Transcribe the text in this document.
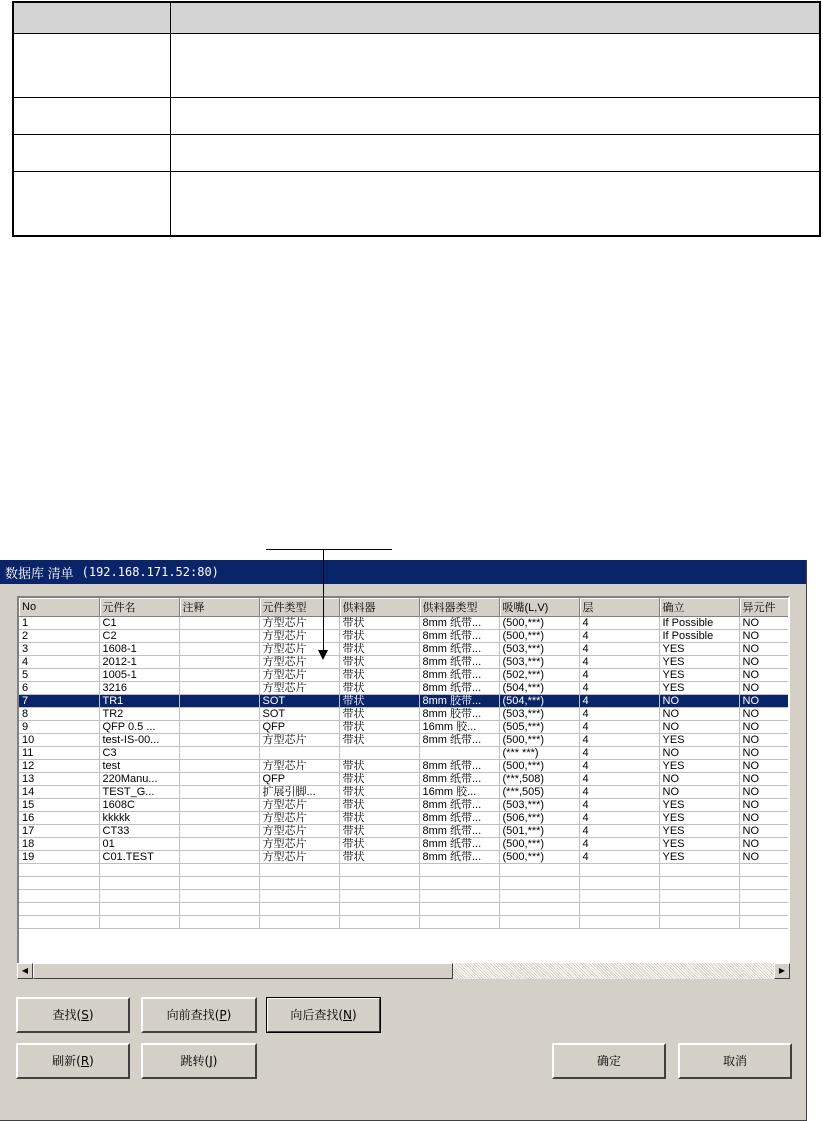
数据库 清单 (192.168.171.52:80)
No	元件名	注释	元件类型	供料器	供料器类型	吸嘴(L,V)	层	确立	异元件
1	C1		方型芯片	带状	8mm 纸带...	(500,***)	4	If Possible	NO
2	C2		方型芯片	带状	8mm 纸带...	(500,***)	4	If Possible	NO
3	1608-1		方型芯片	带状	8mm 纸带...	(503,***)	4	YES	NO
4	2012-1		方型芯片	带状	8mm 纸带...	(503,***)	4	YES	NO
5	1005-1		方型芯片	带状	8mm 纸带...	(502,***)	4	YES	NO
6	3216		方型芯片	带状	8mm 纸带...	(504,***)	4	YES	NO
7	TR1		SOT	带状	8mm 胶带...	(504,***)	4	NO	NO
8	TR2		SOT	带状	8mm 胶带...	(503,***)	4	NO	NO
9	QFP 0.5 ...		QFP	带状	16mm 胶...	(505,***)	4	NO	NO
10	test-IS-00...		方型芯片	带状	8mm 纸带...	(500,***)	4	YES	NO
11	C3					(*** ***)	4	NO	NO
12	test		方型芯片	带状	8mm 纸带...	(500,***)	4	YES	NO
13	220Manu...		QFP	带状	8mm 纸带...	(***,508)	4	NO	NO
14	TEST_G...		扩展引脚...	带状	16mm 胶...	(***,505)	4	NO	NO
15	1608C		方型芯片	带状	8mm 纸带...	(503,***)	4	YES	NO
16	kkkkk		方型芯片	带状	8mm 纸带...	(506,***)	4	YES	NO
17	CT33		方型芯片	带状	8mm 纸带...	(501,***)	4	YES	NO
18	01		方型芯片	带状	8mm 纸带...	(500,***)	4	YES	NO
19	C01.TEST		方型芯片	带状	8mm 纸带...	(500,***)	4	YES	NO

◀	▶
查找(S)	向前查找(P)	向后查找(N)
刷新(R)	跳转(J)	确定	取消
